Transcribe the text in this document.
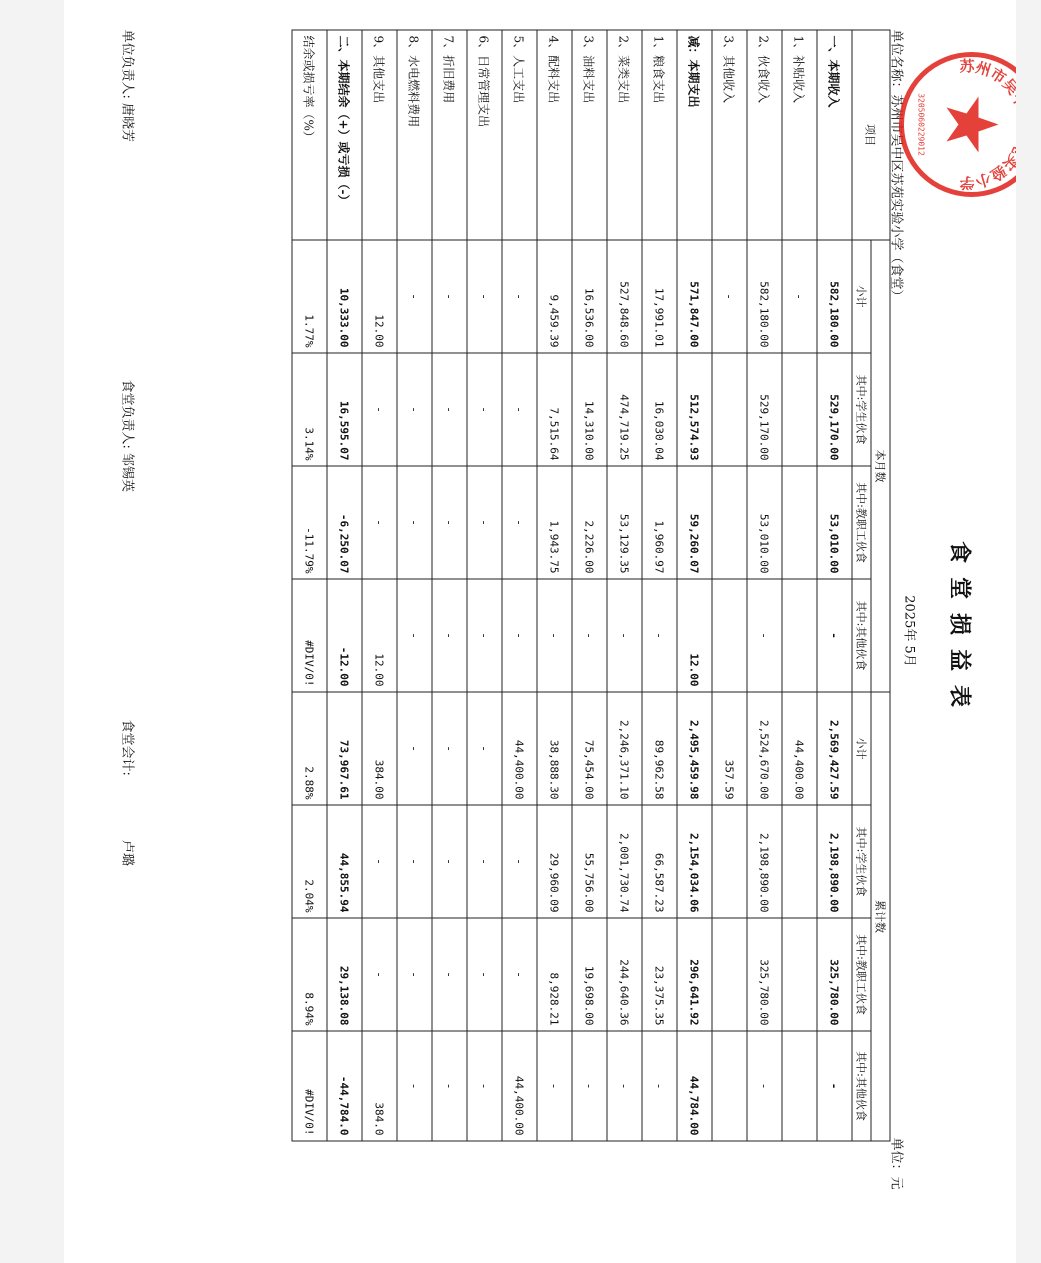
食堂损益表
2025年 5月
单位名称：苏州市吴中区苏苑实验小学（食堂）
单位：元
项目	本月数				累计数			
	小计	其中:学生伙食	其中:教职工伙食	其中:其他伙食	小计	其中:学生伙食	其中:教职工伙食	其中:其他伙食
一、本期收入	582,180.00	529,170.00	53,010.00	-	2,569,427.59	2,198,890.00	325,780.00	-
1、补贴收入	-				44,400.00			
2、伙食收入	582,180.00	529,170.00	53,010.00	-	2,524,670.00	2,198,890.00	325,780.00	-
3、其他收入	-				357.59			
减：本期支出	571,847.00	512,574.93	59,260.07	12.00	2,495,459.98	2,154,034.06	296,641.92	44,784.00
1、粮食支出	17,991.01	16,030.04	1,960.97	-	89,962.58	66,587.23	23,375.35	-
2、菜类支出	527,848.60	474,719.25	53,129.35	-	2,246,371.10	2,001,730.74	244,640.36	-
3、油料支出	16,536.00	14,310.00	2,226.00	-	75,454.00	55,756.00	19,698.00	-
4、配料支出	9,459.39	7,515.64	1,943.75	-	38,888.30	29,960.09	8,928.21	-
5、人工支出	-	-	-	-	44,400.00	-	-	44,400.00
6、日常管理支出	-	-	-	-	-	-	-	-
7、折旧费用	-	-	-	-	-	-	-	-
8、水电燃料费用	-	-	-	-	-	-	-	-
9、其他支出	12.00	-	-	12.00	384.00	-	-	384.0
二、本期结余（+）或亏损（-）	10,333.00	16,595.07	-6,250.07	-12.00	73,967.61	44,855.94	29,138.08	-44,784.0
结余或损亏率（%）	1.77%	3.14%	-11.79%	#DIV/0!	2.88%	2.04%	8.94%	#DIV/0!
单位负责人: 唐晓芳
食堂负责人: 邹锡英
食堂会计: 卢璐
苏州市吴中区苏苑实验小学
3205060229012
